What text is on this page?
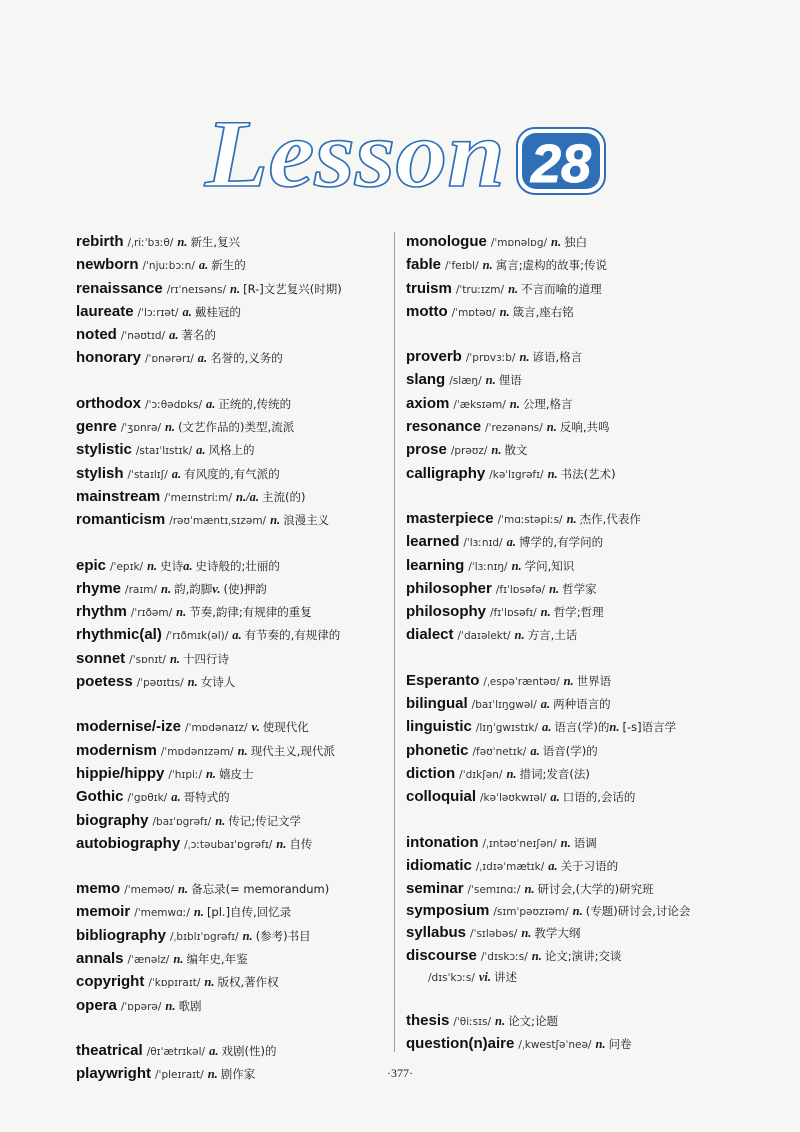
Lesson 28
rebirth /ˌriːˈbɜːθ/ n. 新生,复兴
newborn /ˈnjuːbɔːn/ a. 新生的
renaissance /rɪˈneɪsəns/ n. [R-]文艺复兴(时期)
laureate /ˈlɔːrɪət/ a. 戴桂冠的
noted /ˈnəʊtɪd/ a. 著名的
honorary /ˈɒnərərɪ/ a. 名誉的,义务的
orthodox /ˈɔːθədɒks/ a. 正统的,传统的
genre /ˈʒɒnrə/ n. (文艺作品的)类型,流派
stylistic /staɪˈlɪstɪk/ a. 风格上的
stylish /ˈstaɪlɪʃ/ a. 有风度的,有气派的
mainstream /ˈmeɪnstriːm/ n./a. 主流(的)
romanticism /rəʊˈmæntɪˌsɪzəm/ n. 浪漫主义
epic /ˈepɪk/ n. 史诗a. 史诗般的;壮丽的
rhyme /raɪm/ n. 韵,韵脚v. (使)押韵
rhythm /ˈrɪðəm/ n. 节奏,韵律;有规律的重复
rhythmic(al) /ˈrɪðmɪk(əl)/ a. 有节奏的,有规律的
sonnet /ˈsɒnɪt/ n. 十四行诗
poetess /ˈpəʊɪtɪs/ n. 女诗人
modernise/-ize /ˈmɒdənaɪz/ v. 使现代化
modernism /ˈmɒdənɪzəm/ n. 现代主义,现代派
hippie/hippy /ˈhɪpiː/ n. 嬉皮士
Gothic /ˈgɒθɪk/ a. 哥特式的
biography /baɪˈɒgrəfɪ/ n. 传记;传记文学
autobiography /ˌɔːtəubaɪˈɒgrəfɪ/ n. 自传
memo /ˈmeməʊ/ n. 备忘录(= memorandum)
memoir /ˈmemwɑː/ n. [pl.]自传,回忆录
bibliography /ˌbɪblɪˈɒgrəfɪ/ n. (参考)书目
annals /ˈænəlz/ n. 编年史,年鉴
copyright /ˈkɒpɪraɪt/ n. 版权,著作权
opera /ˈɒpərə/ n. 歌剧
theatrical /θɪˈætrɪkəl/ a. 戏剧(性)的
playwright /ˈpleɪraɪt/ n. 剧作家
monologue /ˈmɒnəlɒg/ n. 独白
fable /ˈfeɪbl/ n. 寓言;虚构的故事;传说
truism /ˈtruːɪzm/ n. 不言而喻的道理
motto /ˈmɒtəʊ/ n. 箴言,座右铭
proverb /ˈprɒvɜːb/ n. 谚语,格言
slang /slæŋ/ n. 俚语
axiom /ˈæksɪəm/ n. 公理,格言
resonance /ˈrezənəns/ n. 反响,共鸣
prose /prəʊz/ n. 散文
calligraphy /kəˈlɪgrəfɪ/ n. 书法(艺术)
masterpiece /ˈmɑːstəpiːs/ n. 杰作,代表作
learned /ˈlɜːnɪd/ a. 博学的,有学问的
learning /ˈlɜːnɪŋ/ n. 学问,知识
philosopher /fɪˈlɒsəfə/ n. 哲学家
philosophy /fɪˈlɒsəfɪ/ n. 哲学;哲理
dialect /ˈdaɪəlekt/ n. 方言,土话
Esperanto /ˌespəˈræntəʊ/ n. 世界语
bilingual /baɪˈlɪŋgwəl/ a. 两种语言的
linguistic /lɪŋˈgwɪstɪk/ a. 语言(学)的n. [-s]语言学
phonetic /fəʊˈnetɪk/ a. 语音(学)的
diction /ˈdɪkʃən/ n. 措词;发音(法)
colloquial /kəˈləʊkwɪəl/ a. 口语的,会话的
intonation /ˌɪntəʊˈneɪʃən/ n. 语调
idiomatic /ˌɪdɪəˈmætɪk/ a. 关于习语的
seminar /ˈsemɪnɑː/ n. 研讨会,(大学的)研究班
symposium /sɪmˈpəʊzɪəm/ n. (专题)研讨会,讨论会
syllabus /ˈsɪləbəs/ n. 教学大纲
discourse /ˈdɪskɔːs/ n. 论文;演讲;交谈
/dɪsˈkɔːs/ vi. 讲述
thesis /ˈθiːsɪs/ n. 论文;论题
question(n)aire /ˌkwestʃəˈneə/ n. 问卷
·377·
